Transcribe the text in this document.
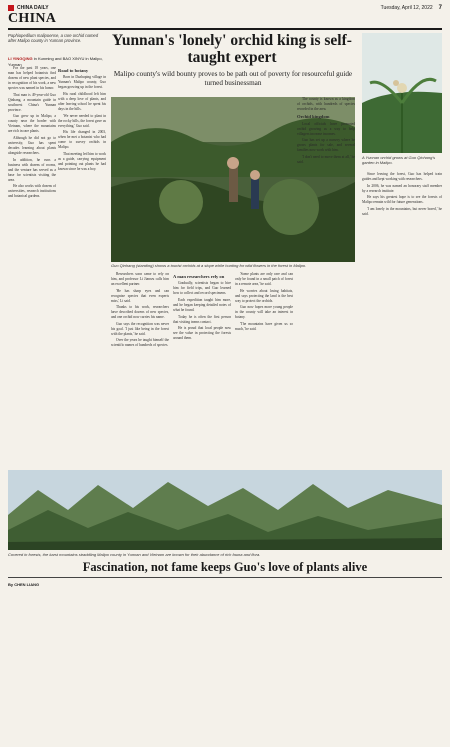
CHINA DAILY	Tuesday, April 12, 2022 7
CHINA
Paphiopedilum malipoense, a rare orchid named after Malipo county in Yunnan province.	Yunnan's 'lonely' orchid king is self-taught expert
Malipo county's wild bounty proves to be path out of poverty for resourceful guide turned businessman
LI YINGQING in Kunming and BAO XINYU in Malipo, Yunnan

For the past 18 years, one man has helped botanists find dozens of new plant species, and in recognition of his work, a new species was named in his honor.

That man is 49-year-old Guo Qinhang, a mountain guide in southwest China's Yunnan province.

Guo grew up in Malipo, a county near the border with Vietnam, where the mountains are rich in rare plants.

Although he did not go to university, Guo has spent decades learning about plants alongside researchers.

In addition, he runs a business with dozens of rooms, and the venture has served as a base for scientists visiting the area.

He also works with dozens of universities, research institutions and botanical gardens.

Road to botany

Born in Dazhuping village in Yunnan's Malipo county, Guo began growing up in the forest.

His rural childhood left him with a deep love of plants, and after leaving school he spent his days in the hills.

'We never needed to plant in the rocky hills, the forest gave us everything,' Guo said.

His life changed in 2003, when he met a botanist who had come to survey orchids in Malipo.

That meeting led him to work as a guide, carrying equipment and pointing out plants he had known since he was a boy.

Guo Qinhang (standing) shows a tourist orchids at a slope while hunting for wild flowers in the forest in Malipo.

Researchers soon came to rely on him, and professor Li Jianwu calls him an excellent partner.

'He has sharp eyes and can recognize species that even experts miss,' Li said.

Thanks to his work, researchers have described dozens of new species, and one orchid now carries his name.

Guo says the recognition was never his goal. 'I just like being in the forest with the plants,' he said.

Over the years he taught himself the scientific names of hundreds of species.

A man researchers rely on

Gradually, scientists began to hire him for field trips, and Guo learned how to collect and record specimens.

Each expedition taught him more, and he began keeping detailed notes of what he found.

Today he is often the first person that visiting teams contact.

He is proud that local people now see the value in protecting the forests around them.

'Some plants are only rare and can only be found in a small patch of forest in a remote area,' he said.

He worries about losing habitats, and says protecting the land is the best way to protect the orchids.

Guo now hopes more young people in the county will take an interest in botany.

'The mountains have given us so much,' he said.

The county is known as a kingdom of orchids, with hundreds of species recorded in the area.

Orchid kingdom

Local officials have promoted orchid growing as a way to help villagers increase incomes.

Guo has set up a nursery where he grows plants for sale, and several families now work with him.

'I don't need to move them at all,' he said.

A Yunnan orchid grows at Guo Qinhang's garden in Malipo.

Since leaving the forest, Guo has helped train guides and kept working with researchers.

In 2006, he was named an honorary staff member by a research institute.

He says his greatest hope is to see the forests of Malipo remain wild for future generations.

'I am lonely in the mountains, but never bored,' he said.

Covered in forests, the karst mountains straddling Malipo county in Yunnan and Vietnam are known for their abundance of rich fauna and flora.
Fascination, not fame keeps Guo's love of plants alive
By CHEN LIANG
